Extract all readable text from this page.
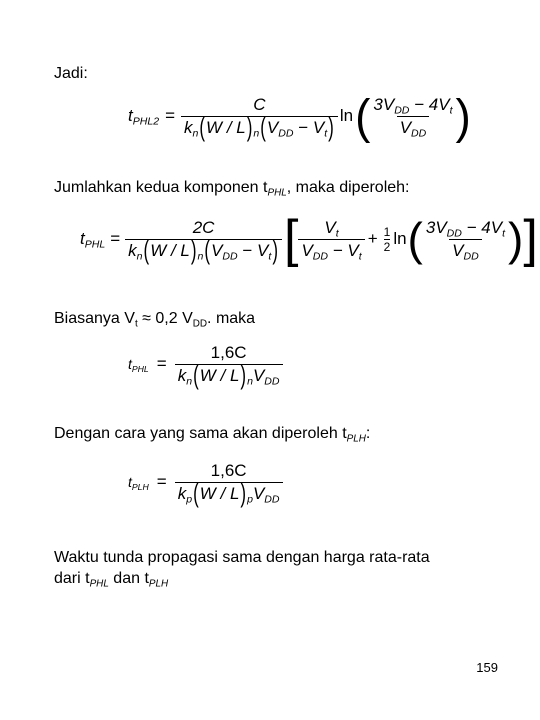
Jadi:
$t_{PHL2} = \frac{C}{k_n(W / L)_n(V_{DD} - V_t)}$ ln ( $\frac{3V_{DD} - 4V_t}{V_{DD}}$ )
Jumlahkan kedua komponen $t_{PHL}$, maka diperoleh:
$t_{PHL} = \frac{2C}{k_n(W / L)_n(V_{DD} - V_t)}$ [ $\frac{V_t}{V_{DD} - V_t} + \frac{1}{2}$ ln ( $\frac{3V_{DD} - 4V_t}{V_{DD}}$ ) ]
Biasanya $V_t \approx 0,2$ $V_{DD}$. maka
$t_{PHL} = \frac{1,6C}{k_n(W / L)_nV_{DD}}$
Dengan cara yang sama akan diperoleh $t_{PLH}$:
$t_{PLH} = \frac{1,6C}{k_p(W / L)_pV_{DD}}$
Waktu tunda propagasi sama dengan harga rata-rata
dari $t_{PHL}$ dan $t_{PLH}$
159
